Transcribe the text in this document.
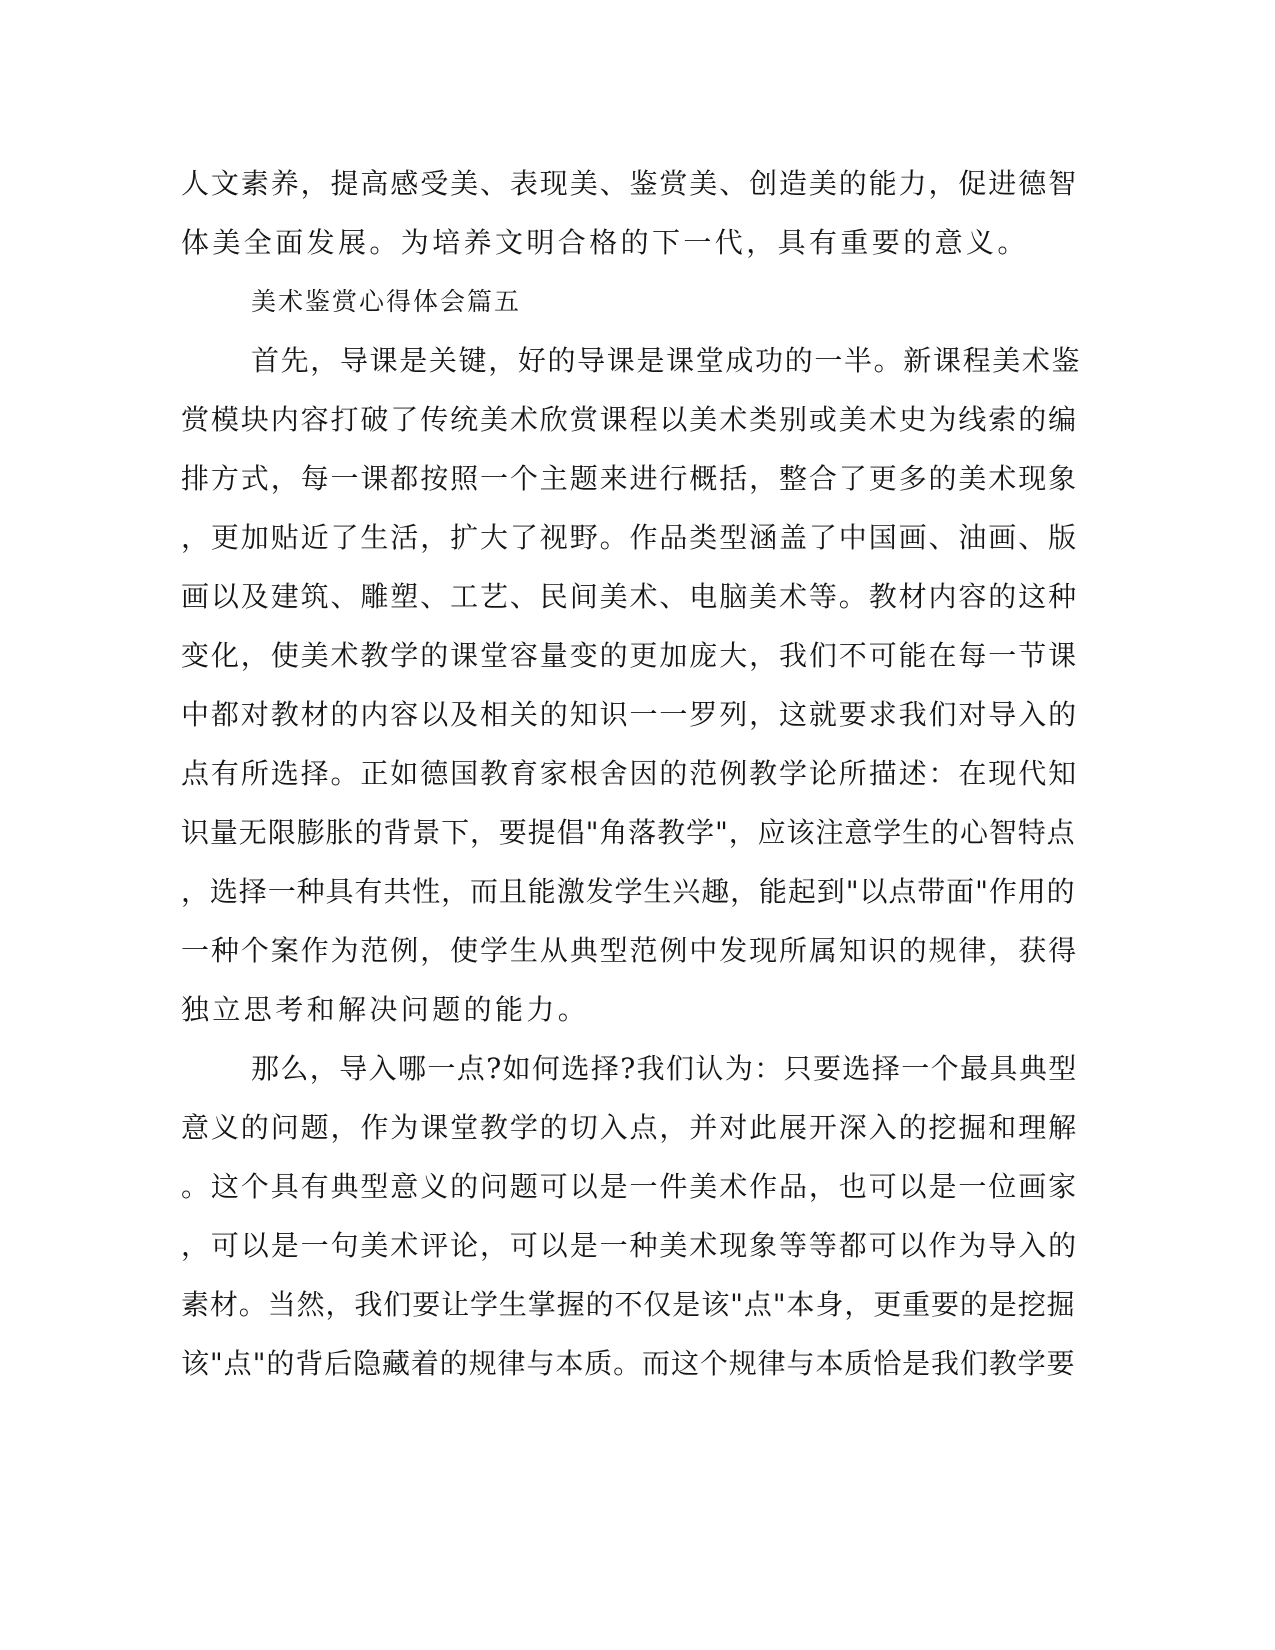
人文素养，提高感受美、表现美、鉴赏美、创造美的能力，促进德智
体美全面发展。为培养文明合格的下一代，具有重要的意义。
美术鉴赏心得体会篇五
首先，导课是关键，好的导课是课堂成功的一半。新课程美术鉴
赏模块内容打破了传统美术欣赏课程以美术类别或美术史为线索的编
排方式，每一课都按照一个主题来进行概括，整合了更多的美术现象
，更加贴近了生活，扩大了视野。作品类型涵盖了中国画、油画、版
画以及建筑、雕塑、工艺、民间美术、电脑美术等。教材内容的这种
变化，使美术教学的课堂容量变的更加庞大，我们不可能在每一节课
中都对教材的内容以及相关的知识一一罗列，这就要求我们对导入的
点有所选择。正如德国教育家根舍因的范例教学论所描述：在现代知
识量无限膨胀的背景下，要提倡"角落教学"，应该注意学生的心智特点
，选择一种具有共性，而且能激发学生兴趣，能起到"以点带面"作用的
一种个案作为范例，使学生从典型范例中发现所属知识的规律，获得
独立思考和解决问题的能力。
那么，导入哪一点?如何选择?我们认为：只要选择一个最具典型
意义的问题，作为课堂教学的切入点，并对此展开深入的挖掘和理解
。这个具有典型意义的问题可以是一件美术作品，也可以是一位画家
，可以是一句美术评论，可以是一种美术现象等等都可以作为导入的
素材。当然，我们要让学生掌握的不仅是该"点"本身，更重要的是挖掘
该"点"的背后隐藏着的规律与本质。而这个规律与本质恰是我们教学要
